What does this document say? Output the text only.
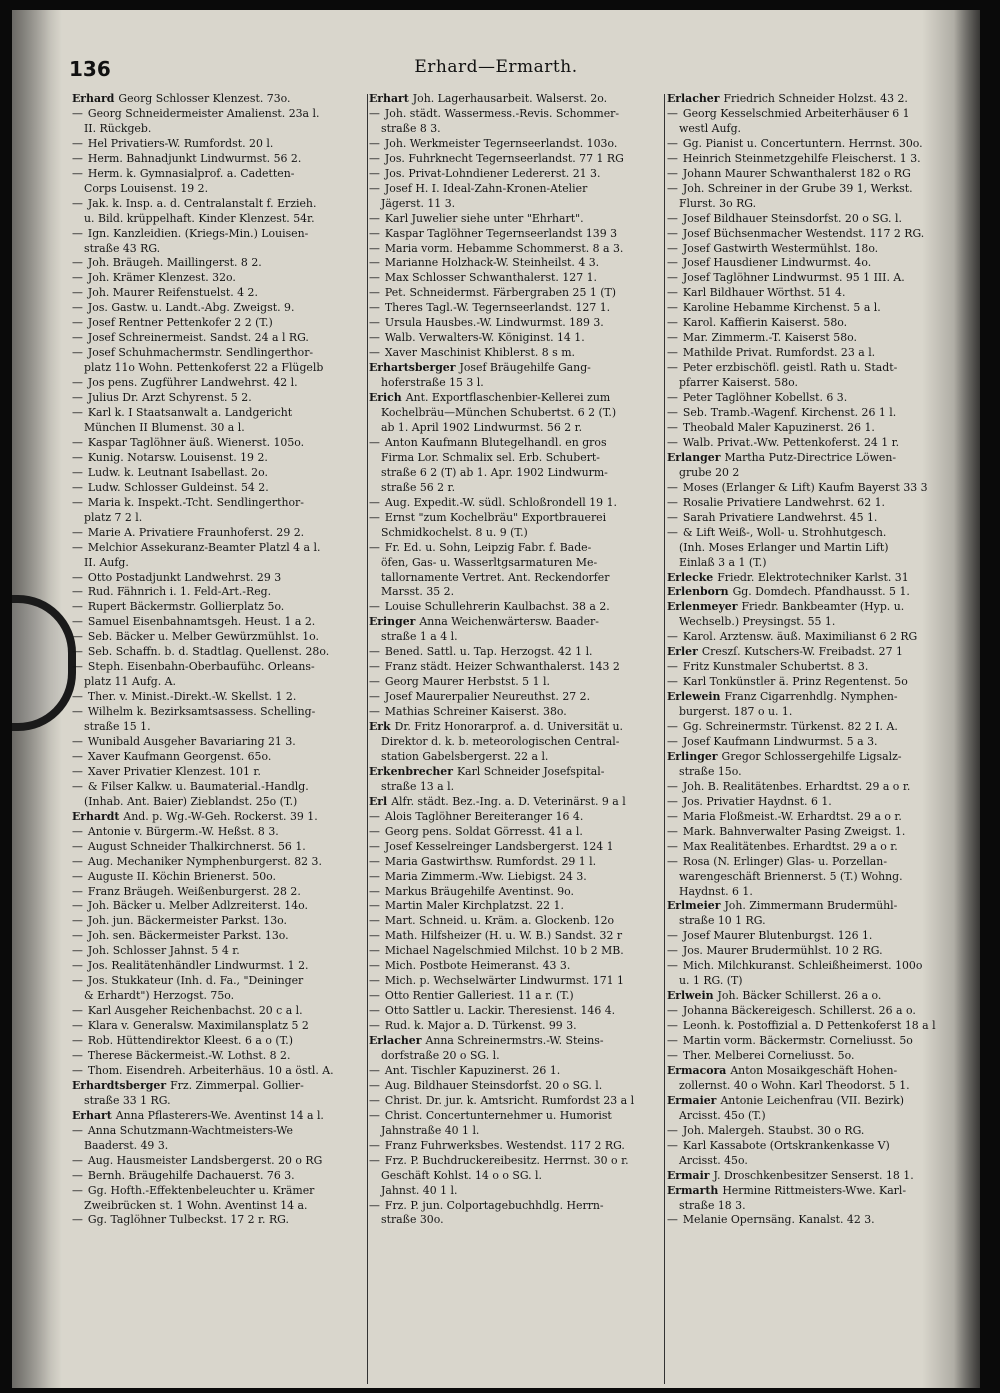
136	Erhard—Ermarth.
Erhard Georg Schlosser Klenzest. 73o.
— Georg Schneidermeister Amalienst. 23a l.
II. Rückgeb.
— Hel Privatiers-W. Rumfordst. 20 l.
— Herm. Bahnadjunkt Lindwurmst. 56 2.
— Herm. k. Gymnasialprof. a. Cadetten-
Corps Louisenst. 19 2.
— Jak. k. Insp. a. d. Centralanstalt f. Erzieh.
u. Bild. krüppelhaft. Kinder Klenzest. 54r.
— Ign. Kanzleidien. (Kriegs-Min.) Louisen-
straße 43 RG.
— Joh. Bräugeh. Maillingerst. 8 2.
— Joh. Krämer Klenzest. 32o.
— Joh. Maurer Reifenstuelst. 4 2.
— Jos. Gastw. u. Landt.-Abg. Zweigst. 9.
— Josef Rentner Pettenkofer 2 2 (T.)
— Josef Schreinermeist. Sandst. 24 a l RG.
— Josef Schuhmachermstr. Sendlingerthor-
platz 11o Wohn. Pettenkoferst 22 a Flügelb
— Jos pens. Zugführer Landwehrst. 42 l.
— Julius Dr. Arzt Schyrenst. 5 2.
— Karl k. I Staatsanwalt a. Landgericht
München II Blumenst. 30 a l.
— Kaspar Taglöhner äuß. Wienerst. 105o.
— Kunig. Notarsw. Louisenst. 19 2.
— Ludw. k. Leutnant Isabellast. 2o.
— Ludw. Schlosser Guldeinst. 54 2.
— Maria k. Inspekt.-Tcht. Sendlingerthor-
platz 7 2 l.
— Marie A. Privatiere Fraunhoferst. 29 2.
— Melchior Assekuranz-Beamter Platzl 4 a l.
II. Aufg.
— Otto Postadjunkt Landwehrst. 29 3
— Rud. Fähnrich i. 1. Feld-Art.-Reg.
— Rupert Bäckermstr. Gollierplatz 5o.
— Samuel Eisenbahnamtsgeh. Heust. 1 a 2.
— Seb. Bäcker u. Melber Gewürzmühlst. 1o.
— Seb. Schaffn. b. d. Stadtlag. Quellenst. 28o.
— Steph. Eisenbahn-Oberbaufühc. Orleans-
platz 11 Aufg. A.
— Ther. v. Minist.-Direkt.-W. Skellst. 1 2.
— Wilhelm k. Bezirksamtsassess. Schelling-
straße 15 1.
— Wunibald Ausgeher Bavariaring 21 3.
— Xaver Kaufmann Georgenst. 65o.
— Xaver Privatier Klenzest. 101 r.
— & Filser Kalkw. u. Baumaterial.-Handlg.
(Inhab. Ant. Baier) Zieblandst. 25o (T.)
Erhardt And. p. Wg.-W-Geh. Rockerst. 39 1.
— Antonie v. Bürgerm.-W. Heßst. 8 3.
— August Schneider Thalkirchnerst. 56 1.
— Aug. Mechaniker Nymphenburgerst. 82 3.
— Auguste II. Köchin Brienerst. 50o.
— Franz Bräugeh. Weißenburgerst. 28 2.
— Joh. Bäcker u. Melber Adlzreiterst. 14o.
— Joh. jun. Bäckermeister Parkst. 13o.
— Joh. sen. Bäckermeister Parkst. 13o.
— Joh. Schlosser Jahnst. 5 4 r.
— Jos. Realitätenhändler Lindwurmst. 1 2.
— Jos. Stukkateur (Inh. d. Fa., "Deininger
& Erhardt") Herzogst. 75o.
— Karl Ausgeher Reichenbachst. 20 c a l.
— Klara v. Generalsw. Maximilansplatz 5 2
— Rob. Hüttendirektor Kleest. 6 a o (T.)
— Therese Bäckermeist.-W. Lothst. 8 2.
— Thom. Eisendreh. Arbeiterhäus. 10 a östl. A.
Erhardtsberger Frz. Zimmerpal. Gollier-
straße 33 1 RG.
Erhart Anna Pflasterers-We. Aventinst 14 a l.
— Anna Schutzmann-Wachtmeisters-We
Baaderst. 49 3.
— Aug. Hausmeister Landsbergerst. 20 o RG
— Bernh. Bräugehilfe Dachauerst. 76 3.
— Gg. Hofth.-Effektenbeleuchter u. Krämer
Zweibrücken st. 1 Wohn. Aventinst 14 a.
— Gg. Taglöhner Tulbeckst. 17 2 r. RG.
Erhart Joh. Lagerhausarbeit. Walserst. 2o.
— Joh. städt. Wassermess.-Revis. Schommer-
straße 8 3.
— Joh. Werkmeister Tegernseerlandst. 103o.
— Jos. Fuhrknecht Tegernseerlandst. 77 1 RG
— Jos. Privat-Lohndiener Ledererst. 21 3.
— Josef H. I. Ideal-Zahn-Kronen-Atelier
Jägerst. 11 3.
— Karl Juwelier siehe unter "Ehrhart".
— Kaspar Taglöhner Tegernseerlandst 139 3
— Maria vorm. Hebamme Schommerst. 8 a 3.
— Marianne Holzhack-W. Steinheilst. 4 3.
— Max Schlosser Schwanthalerst. 127 1.
— Pet. Schneidermst. Färbergraben 25 1 (T)
— Theres Tagl.-W. Tegernseerlandst. 127 1.
— Ursula Hausbes.-W. Lindwurmst. 189 3.
— Walb. Verwalters-W. Königinst. 14 1.
— Xaver Maschinist Khiblerst. 8 s m.
Erhartsberger Josef Bräugehilfe Gang-
hoferstraße 15 3 l.
Erich Ant. Exportflaschenbier-Kellerei zum
Kochelbräu—München Schubertst. 6 2 (T.)
ab 1. April 1902 Lindwurmst. 56 2 r.
— Anton Kaufmann Blutegelhandl. en gros
Firma Lor. Schmalix sel. Erb. Schubert-
straße 6 2 (T) ab 1. Apr. 1902 Lindwurm-
straße 56 2 r.
— Aug. Expedit.-W. südl. Schloßrondell 19 1.
— Ernst "zum Kochelbräu" Exportbrauerei
Schmidkochelst. 8 u. 9 (T.)
— Fr. Ed. u. Sohn, Leipzig Fabr. f. Bade-
öfen, Gas- u. Wasserltgsarmaturen Me-
tallornamente Vertret. Ant. Reckendorfer
Marsst. 35 2.
— Louise Schullehrerin Kaulbachst. 38 a 2.
Eringer Anna Weichenwärtersw. Baader-
straße 1 a 4 l.
— Bened. Sattl. u. Tap. Herzogst. 42 1 l.
— Franz städt. Heizer Schwanthalerst. 143 2
— Georg Maurer Herbstst. 5 1 l.
— Josef Maurerpalier Neureuthst. 27 2.
— Mathias Schreiner Kaiserst. 38o.
Erk Dr. Fritz Honorarprof. a. d. Universität u.
Direktor d. k. b. meteorologischen Central-
station Gabelsbergerst. 22 a l.
Erkenbrecher Karl Schneider Josefspital-
straße 13 a l.
Erl Alfr. städt. Bez.-Ing. a. D. Veterinärst. 9 a l
— Alois Taglöhner Bereiteranger 16 4.
— Georg pens. Soldat Görresst. 41 a l.
— Josef Kesselreinger Landsbergerst. 124 1
— Maria Gastwirthsw. Rumfordst. 29 1 l.
— Maria Zimmerm.-Ww. Liebigst. 24 3.
— Markus Bräugehilfe Aventinst. 9o.
— Martin Maler Kirchplatzst. 22 1.
— Mart. Schneid. u. Kräm. a. Glockenb. 12o
— Math. Hilfsheizer (H. u. W. B.) Sandst. 32 r
— Michael Nagelschmied Milchst. 10 b 2 MB.
— Mich. Postbote Heimeranst. 43 3.
— Mich. p. Wechselwärter Lindwurmst. 171 1
— Otto Rentier Galleriest. 11 a r. (T.)
— Otto Sattler u. Lackir. Theresienst. 146 4.
— Rud. k. Major a. D. Türkenst. 99 3.
Erlacher Anna Schreinermstrs.-W. Steins-
dorfstraße 20 o SG. l.
— Ant. Tischler Kapuzinerst. 26 1.
— Aug. Bildhauer Steinsdorfst. 20 o SG. l.
— Christ. Dr. jur. k. Amtsricht. Rumfordst 23 a l
— Christ. Concertunternehmer u. Humorist
Jahnstraße 40 1 l.
— Franz Fuhrwerksbes. Westendst. 117 2 RG.
— Frz. P. Buchdruckereibesitz. Herrnst. 30 o r.
Geschäft Kohlst. 14 o o SG. l.
Jahnst. 40 1 l.
— Frz. P. jun. Colportagebuchhdlg. Herrn-
straße 30o.
Erlacher Friedrich Schneider Holzst. 43 2.
— Georg Kesselschmied Arbeiterhäuser 6 1
westl Aufg.
— Gg. Pianist u. Concertuntern. Herrnst. 30o.
— Heinrich Steinmetzgehilfe Fleischerst. 1 3.
— Johann Maurer Schwanthalerst 182 o RG
— Joh. Schreiner in der Grube 39 1, Werkst.
Flurst. 3o RG.
— Josef Bildhauer Steinsdorfst. 20 o SG. l.
— Josef Büchsenmacher Westendst. 117 2 RG.
— Josef Gastwirth Westermühlst. 18o.
— Josef Hausdiener Lindwurmst. 4o.
— Josef Taglöhner Lindwurmst. 95 1 III. A.
— Karl Bildhauer Wörthst. 51 4.
— Karoline Hebamme Kirchenst. 5 a l.
— Karol. Kaffierin Kaiserst. 58o.
— Mar. Zimmerm.-T. Kaiserst 58o.
— Mathilde Privat. Rumfordst. 23 a l.
— Peter erzbischöfl. geistl. Rath u. Stadt-
pfarrer Kaiserst. 58o.
— Peter Taglöhner Kobellst. 6 3.
— Seb. Tramb.-Wagenf. Kirchenst. 26 1 l.
— Theobald Maler Kapuzinerst. 26 1.
— Walb. Privat.-Ww. Pettenkoferst. 24 1 r.
Erlanger Martha Putz-Directrice Löwen-
grube 20 2
— Moses (Erlanger & Lift) Kaufm Bayerst 33 3
— Rosalie Privatiere Landwehrst. 62 1.
— Sarah Privatiere Landwehrst. 45 1.
— & Lift Weiß-, Woll- u. Strohhutgesch.
(Inh. Moses Erlanger und Martin Lift)
Einlaß 3 a 1 (T.)
Erlecke Friedr. Elektrotechniker Karlst. 31
Erlenborn Gg. Domdech. Pfandhausst. 5 1.
Erlenmeyer Friedr. Bankbeamter (Hyp. u.
Wechselb.) Preysingst. 55 1.
— Karol. Arztensw. äuß. Maximilianst 6 2 RG
Erler Creszſ. Kutschers-W. Freibadst. 27 1
— Fritz Kunstmaler Schubertst. 8 3.
— Karl Tonkünstler ä. Prinz Regentenst. 5o
Erlewein Franz Cigarrenhdlg. Nymphen-
burgerst. 187 o u. 1.
— Gg. Schreinermstr. Türkenst. 82 2 I. A.
— Josef Kaufmann Lindwurmst. 5 a 3.
Erlinger Gregor Schlossergehilfe Ligsalz-
straße 15o.
— Joh. B. Realitätenbes. Erhardtst. 29 a o r.
— Jos. Privatier Haydnst. 6 1.
— Maria Floßmeist.-W. Erhardtst. 29 a o r.
— Mark. Bahnverwalter Pasing Zweigst. 1.
— Max Realitätenbes. Erhardtst. 29 a o r.
— Rosa (N. Erlinger) Glas- u. Porzellan-
warengeschäft Briennerst. 5 (T.) Wohng.
Haydnst. 6 1.
Erlmeier Joh. Zimmermann Brudermühl-
straße 10 1 RG.
— Josef Maurer Blutenburgst. 126 1.
— Jos. Maurer Brudermühlst. 10 2 RG.
— Mich. Milchkuranst. Schleißheimerst. 100o
u. 1 RG. (T)
Erlwein Joh. Bäcker Schillerst. 26 a o.
— Johanna Bäckereigesch. Schillerst. 26 a o.
— Leonh. k. Postoffizial a. D Pettenkoferst 18 a l
— Martin vorm. Bäckermstr. Corneliusst. 5o
— Ther. Melberei Corneliusst. 5o.
Ermacora Anton Mosaikgeschäft Hohen-
zollernst. 40 o Wohn. Karl Theodorst. 5 1.
Ermaier Antonie Leichenfrau (VII. Bezirk)
Arcisst. 45o (T.)
— Joh. Malergeh. Staubst. 30 o RG.
— Karl Kassabote (Ortskrankenkasse V)
Arcisst. 45o.
Ermair J. Droschkenbesitzer Senserst. 18 1.
Ermarth Hermine Rittmeisters-Wwe. Karl-
straße 18 3.
— Melanie Opernsäng. Kanalst. 42 3.
